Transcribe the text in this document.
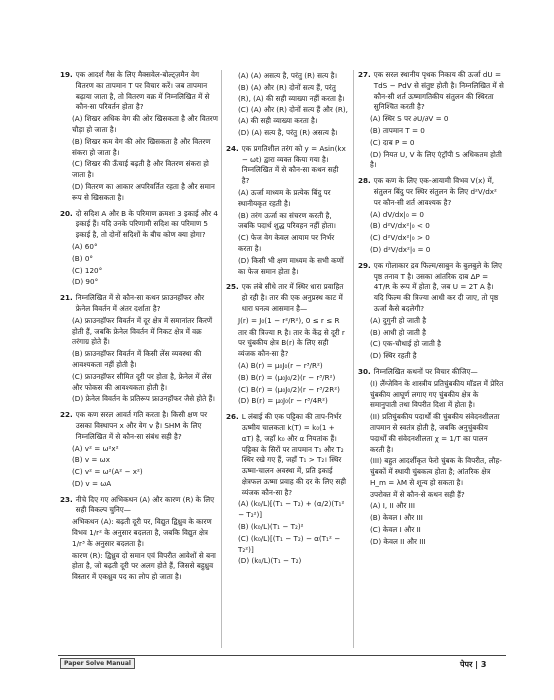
19. एक आदर्श गैस के लिए मैक्सवेल-बोल्ट्ज़मैन वेग वितरण का तापमान T पर विचार करें। जब तापमान बढ़ाया जाता है, तो वितरण वक्र में निम्नलिखित में से कौन-सा परिवर्तन होता है?
(A) शिखर अधिक वेग की ओर खिसकता है और वितरण चौड़ा हो जाता है।
(B) शिखर कम वेग की ओर खिसकता है और वितरण संकरा हो जाता है।
(C) शिखर की ऊँचाई बढ़ती है और वितरण संकरा हो जाता है।
(D) वितरण का आकार अपरिवर्तित रहता है और समान रूप से खिसकता है।
20. दो सदिश A और B के परिमाण क्रमशः 3 इकाई और 4 इकाई हैं। यदि उनके परिणामी सदिश का परिमाण 5 इकाई है, तो दोनों सदिशों के बीच कोण क्या होगा?
(A) 60°
(B) 0°
(C) 120°
(D) 90°
21. निम्नलिखित में से कौन-सा कथन फ्राउनहॉफर और फ्रेनेल विवर्तन में अंतर दर्शाता है?
(A) फ्राउनहॉफर विवर्तन में दूर क्षेत्र में समानांतर किरणें होती हैं, जबकि फ्रेनेल विवर्तन में निकट क्षेत्र में वक्र तरंगाग्र होते हैं।
(B) फ्राउनहॉफर विवर्तन में किसी लेंस व्यवस्था की आवश्यकता नहीं होती है।
(C) फ्राउनहॉफर सीमित दूरी पर होता है, फ्रेनेल में लेंस और फोकस की आवश्यकता होती है।
(D) फ्रेनेल विवर्तन के प्रतिरूप फ्राउनहॉफर जैसे होते हैं।
22. एक कण सरल आवर्त गति करता है। किसी क्षण पर उसका विस्थापन x और वेग v है। SHM के लिए निम्नलिखित में से कौन-सा संबंध सही है?
(A) v² = ω²x²
(B) v = ωx
(C) v² = ω²(A² − x²)
(D) v = ωA
23. नीचे दिए गए अभिकथन (A) और कारण (R) के लिए सही विकल्प चुनिए—
अभिकथन (A): बढ़ती दूरी पर, विद्युत द्विध्रुव के कारण विभव 1/r² के अनुसार बदलता है, जबकि विद्युत क्षेत्र 1/r³ के अनुसार बदलता है।
कारण (R): द्विध्रुव दो समान एवं विपरीत आवेशों से बना होता है, जो बढ़ती दूरी पर अलग होते हैं, जिससे बहुध्रुव विस्तार में एकध्रुव पद का लोप हो जाता है।
(A) (A) असत्य है, परंतु (R) सत्य है।
(B) (A) और (R) दोनों सत्य हैं, परंतु (R), (A) की सही व्याख्या नहीं करता है।
(C) (A) और (R) दोनों सत्य हैं और (R), (A) की सही व्याख्या करता है।
(D) (A) सत्य है, परंतु (R) असत्य है।
24. एक प्रगतिशील तरंग को y = Asin(kx − ωt) द्वारा व्यक्त किया गया है। निम्नलिखित में से कौन-सा कथन सही है?
(A) ऊर्जा माध्यम के प्रत्येक बिंदु पर स्थानीयकृत रहती है।
(B) तरंग ऊर्जा का संचरण करती है, जबकि पदार्थ शुद्ध परिवहन नहीं होता।
(C) फेज वेग केवल आयाम पर निर्भर करता है।
(D) किसी भी क्षण माध्यम के सभी कणों का फेज समान होता है।
25. एक लंबे सीधे तार में स्थिर धारा प्रवाहित हो रही है। तार की एक अनुप्रस्थ काट में धारा घनत्व आसमान है—
J(r) = J₀(1 − r²/R²), 0 ≤ r ≤ R
तार की त्रिज्या R है। तार के केंद्र से दूरी r पर चुंबकीय क्षेत्र B(r) के लिए सही व्यंजक कौन-सा है?
(A) B(r) = μ₀J₀(r − r³/R²)
(B) B(r) = (μ₀J₀/2)(r − r³/R²)
(C) B(r) = (μ₀J₀/2)(r − r³/2R²)
(D) B(r) = μ₀J₀(r − r³/4R²)
26. L लंबाई की एक पट्टिका की ताप-निर्भर ऊष्मीय चालकता k(T) = k₀(1 + αT) है, जहाँ k₀ और α नियतांक हैं। पट्टिका के सिरों पर तापमान T₁ और T₂ स्थिर रखे गए हैं, जहाँ T₁ > T₂। स्थिर ऊष्मा-चालन अवस्था में, प्रति इकाई क्षेत्रफल ऊष्मा प्रवाह की दर के लिए सही व्यंजक कौन-सा है?
(A) (k₀/L)[(T₁ − T₂) + (α/2)(T₁² − T₂²)]
(B) (k₀/L)(T₁ − T₂)²
(C) (k₀/L)[(T₁ − T₂) − α(T₁² − T₂²)]
(D) (k₀/L)(T₁ − T₂)
27. एक सरल स्थानीय पृथक निकाय की ऊर्जा dU = TdS − PdV से संतुष्ट होती है। निम्नलिखित में से कौन-सी शर्त ऊष्मागतिकीय संतुलन की स्थिरता सुनिश्चित करती है?
(A) स्थिर S पर ∂U/∂V = 0
(B) तापमान T = 0
(C) दाब P = 0
(D) नियत U, V के लिए एंट्रॉपी S अधिकतम होती है।
28. एक कण के लिए एक-आयामी विभव V(x) में, संतुलन बिंदु पर स्थिर संतुलन के लिए d²V/dx² पर कौन-सी शर्त आवश्यक है?
(A) dV/dx|₀ = 0
(B) d²V/dx²|₀ < 0
(C) d²V/dx²|₀ > 0
(D) d²V/dx²|₀ = 0
29. एक गोलाकार द्रव फिल्म/साबुन के बुलबुले के लिए पृष्ठ तनाव T है। उसका आंतरिक दाब ΔP = 4T/R के रूप में होता है, जब U = 2T A है। यदि फिल्म की त्रिज्या आधी कर दी जाए, तो पृष्ठ ऊर्जा कैसे बदलेगी?
(A) दुगुनी हो जाती है
(B) आधी हो जाती है
(C) एक-चौथाई हो जाती है
(D) स्थिर रहती है
30. निम्नलिखित कथनों पर विचार कीजिए—
(I) लैंग्जेविन के शास्त्रीय प्रतिचुंबकीय मॉडल में प्रेरित चुंबकीय आघूर्ण लगाए गए चुंबकीय क्षेत्र के समानुपाती तथा विपरीत दिशा में होता है।
(II) प्रतिचुंबकीय पदार्थों की चुंबकीय संवेदनशीलता तापमान से स्वतंत्र होती है, जबकि अनुचुंबकीय पदार्थों की संवेदनशीलता χ = 1/T का पालन करती है।
(III) बहुत आदर्शीकृत फेरो चुंबक के विपरीत, लौह-चुंबकों में स्थायी चुंबकत्व होता है; आंतरिक क्षेत्र H_m = λM से शून्य हो सकता है।
उपरोक्त में से कौन-से कथन सही हैं?
(A) I, II और III
(B) केवल I और III
(C) केवल I और II
(D) केवल II और III
Paper Solve Manual	पेपर | 3
